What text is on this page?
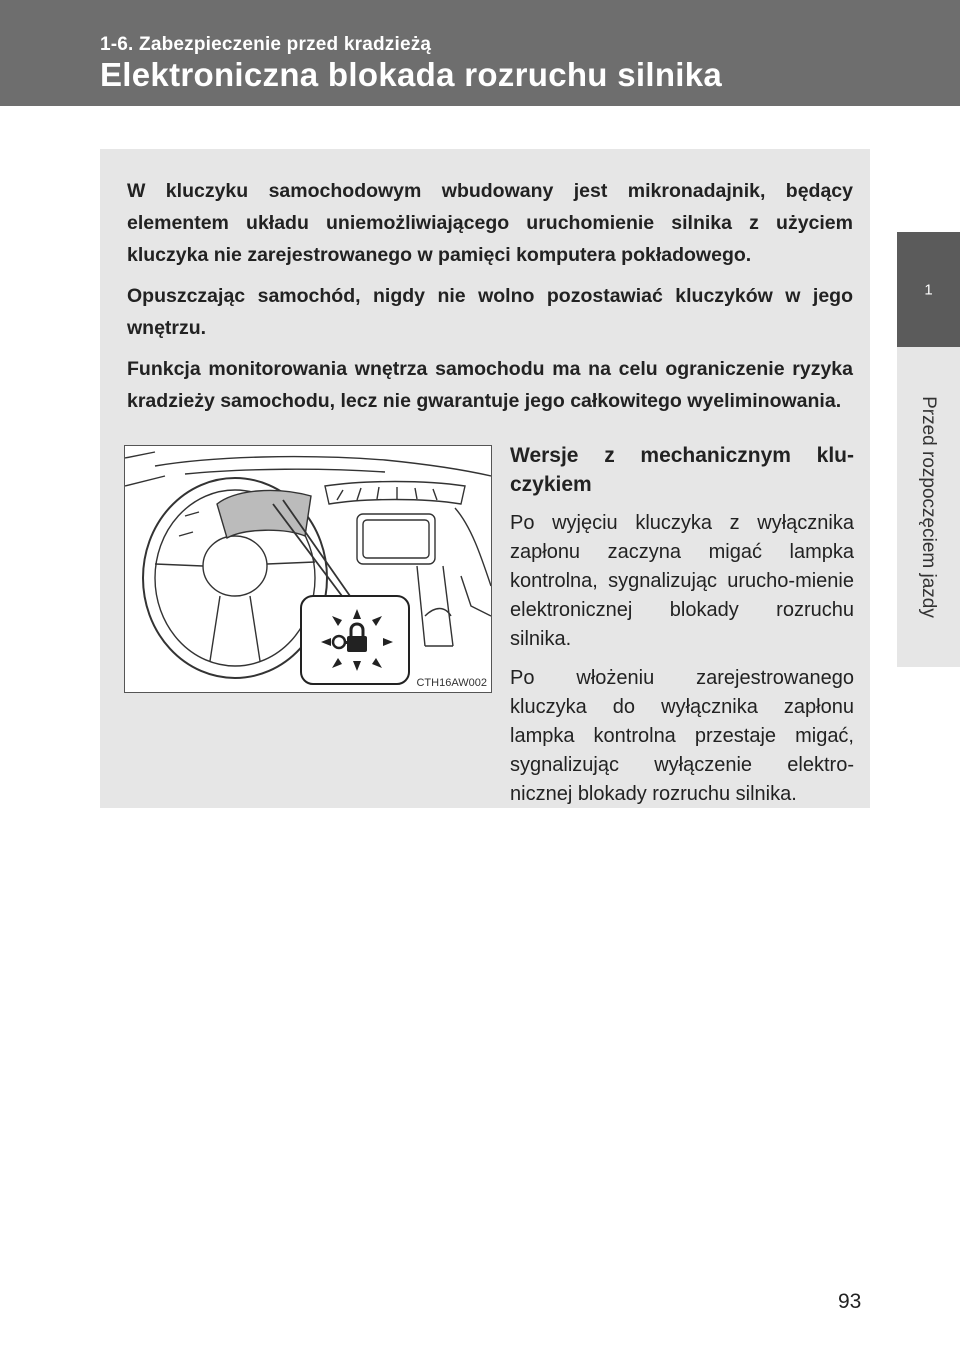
1-6. Zabezpieczenie przed kradzieżą

Elektroniczna blokada rozruchu silnika
1
Przed rozpoczęciem jazdy

W kluczyku samochodowym wbudowany jest mikronadajnik, będący elementem układu uniemożliwiającego uruchomienie silnika z użyciem kluczyka nie zarejestrowanego w pamięci komputera pokładowego.

Opuszczając samochód, nigdy nie wolno pozostawiać kluczyków w jego wnętrzu.

Funkcja monitorowania wnętrza samochodu ma na celu ograniczenie ryzyka kradzieży samochodu, lecz nie gwarantuje jego całkowitego wyeliminowania.

CTH16AW002
Wersje z mechanicznym klu-czykiem

Po wyjęciu kluczyka z wyłącznika zapłonu zaczyna migać lampka kontrolna, sygnalizując urucho-mienie elektronicznej blokady rozruchu silnika.

Po włożeniu zarejestrowanego kluczyka do wyłącznika zapłonu lampka kontrolna przestaje migać, sygnalizując wyłączenie elektro-nicznej blokady rozruchu silnika.

93
